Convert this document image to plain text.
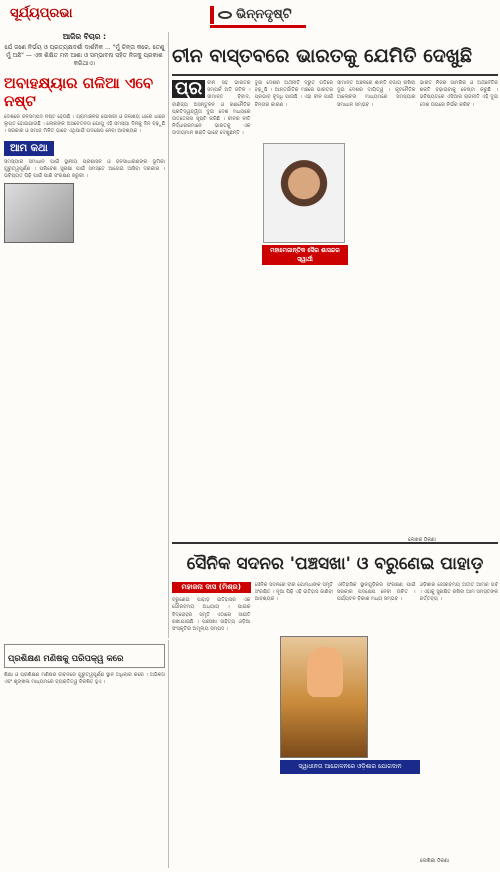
ସୂର୍ଯ୍ୟପ୍ରଭା	ଭିନ୍ନଦୃଷ୍ଟି
ଆଜିର ବିଚାର :
ଯେଁ ଜଣେ ନିର୍ଭୟ ଓ ପ୍ରତ୍ୟକ୍ଷଦର୍ଶୀ ଦାର୍ଶନିକ ... "ମୁଁ ଚିନ୍ତା କରେ, ତେଣୁ ମୁଁ ଅଛି" — ଏକ ଶିକ୍ଷିତ ମନ ଆଶା ଓ ସମ୍ଭାବନା ସହିତ ନିଜକୁ ପ୍ରକାଶ କରିଥାଏ।
ଅବାହକ୍ଷ୍ୟାର ଗଳିଆ ଏବେ ନଷ୍ଟ
ଦେଶରେ ଜଳସମ୍ପଦ ନଷ୍ଟ ହେଉଛି । ଗ୍ରାମାଞ୍ଚଳର ପୋଖରୀ ଓ ଜଳାଶୟ ଧୀରେ ଧୀରେ ଲୁପ୍ତ ହୋଇଯାଉଛି । ଲୋକଙ୍କ ଅସଚେତନତା ଯୋଗୁ ଏହି ସମସ୍ୟା ଦିନକୁ ଦିନ ବଢ଼ୁଛି । ସରକାର ଓ ସମାଜ ମିଳିତ ଭାବେ ଏଥିପାଇଁ ପଦକ୍ଷେପ ନେବା ଆବଶ୍ୟକ ।
ଆମ କଥା
ସମସ୍ୟାର ସମାଧାନ ପାଇଁ ସ୍ଥାନୀୟ ପ୍ରଶାସନ ଓ ଜନସାଧାରଣଙ୍କ ଭୂମିକା ଗୁରୁତ୍ୱପୂର୍ଣ୍ଣ । ପରିବେଶ ସୁରକ୍ଷା ପାଇଁ ସମସ୍ତେ ଆଗେଇ ଆସିବା ଦରକାର । ଭବିଷ୍ୟତ ପିଢ଼ି ପାଇଁ ପାଣି ସଂରକ୍ଷଣ ଜରୁରୀ ।
ପ୍ରଶିକ୍ଷଣ ମଣିଷକୁ ପରିପକ୍ୱ କରେ
ଶିକ୍ଷା ଓ ପ୍ରଶିକ୍ଷଣ ମଣିଷର ଜୀବନରେ ଗୁରୁତ୍ୱପୂର୍ଣ୍ଣ ସ୍ଥାନ ଅଧିକାର କରେ । ଅଭିଜ୍ଞତା ଏବଂ ଶୃଙ୍ଖଳା ମାଧ୍ୟମରେ ବ୍ୟକ୍ତିତ୍ୱ ବିକଶିତ ହୁଏ ।
ଚୀନ ବାସ୍ତବରେ ଭାରତକୁ ଯେମିତି ଦେଖୁଛି
ପ୍ର	ଚୀନ ସହ ଭାରତର ସମ୍ପର୍କ ଅତି ଜଟିଳ । ସୀମାନ୍ତ ବିବାଦ, ବାଣିଜ୍ୟ ଅସନ୍ତୁଳନ ଓ ରଣନୈତିକ ପ୍ରତିଦ୍ୱନ୍ଦ୍ୱିତା ଦୁଇ ଦେଶ ମଧ୍ୟରେ ଉତ୍ତେଜନା ସୃଷ୍ଟି କରିଛି । ଚୀନର ନୀତି ନିର୍ଦ୍ଧାରକମାନେ ଭାରତକୁ ଏକ ଉଦୀୟମାନ ଶକ୍ତି ଭାବେ ଦେଖୁଛନ୍ତି ।
ଦୁଇ ଦେଶର ଅର୍ଥନୀତି ଦ୍ରୁତ ଗତିରେ ବଢ଼ୁଛି । ଆନ୍ତର୍ଜାତିକ ମଞ୍ଚରେ ଭାରତର ପ୍ରଭାବ ବୃଦ୍ଧି ପାଉଛି । ଏହା ଚୀନ ପାଇଁ ଚିନ୍ତାର କାରଣ ।
ସୀମାନ୍ତ ଅଞ୍ଚଳରେ ଶାନ୍ତି ବଜାୟ ରଖିବା ଦୁଇ ଦେଶର ଦାୟିତ୍ୱ । କୂଟନୈତିକ ଆଲୋଚନା ମାଧ୍ୟମରେ ସମସ୍ୟାର ସମାଧାନ ସମ୍ଭବ ।
ଭାରତ ନିଜର ସାମରିକ ଓ ଅର୍ଥନୈତିକ ଶକ୍ତି ବଢ଼ାଇବାକୁ ଚେଷ୍ଟା କରୁଛି । ଭବିଷ୍ୟତରେ ଏସିଆର ରାଜନୀତି ଏହି ଦୁଇ ଦେଶ ଉପରେ ନିର୍ଭର କରିବ ।
ମହାମେଜାନ୍ତିକ ସୈର ଶାସନ୍ଦର ସ୍ୱାର୍ଥୀ
ଲେଖକ ଠିକଣା
ସୈନିକ ସଦନର 'ପଞ୍ଚସଖା' ଓ ବରୁଣେଇ ପାହାଡ଼
ମହାଜନା ଦାସ (ମିଶ୍ର)
ବରୁଣେଇ ପାହାଡ଼ ଇତିହାସର ଏକ ଗୌରବମୟ ଅଧ୍ୟାୟ । ପାଇକ ବିଦ୍ରୋହର ସ୍ମୃତି ଏଠାରେ ସାଇତି ରଖାଯାଇଛି । ପଞ୍ଚସଖା ସାହିତ୍ୟ ଓଡ଼ିଆ ସଂସ୍କୃତିର ଅମୂଲ୍ୟ ସମ୍ପଦ ।
ସୈନିକ ସଦନରେ ବୀର ଯୋଦ୍ଧାଙ୍କ ସ୍ମୃତି ସଂରକ୍ଷିତ । ନୂଆ ପିଢ଼ି ଏହି ଇତିହାସ ଜାଣିବା ଆବଶ୍ୟକ ।
ଐତିହାସିକ ସ୍ଥାନଗୁଡ଼ିକର ସଂରକ୍ଷଣ ପାଇଁ ସରକାର ପଦକ୍ଷେପ ନେବା ଉଚିତ । ପର୍ଯ୍ୟଟନ ବିକାଶ ମଧ୍ୟ ସମ୍ଭବ ।
ଓଡ଼ିଶାର ଗୌରବମୟ ଅତୀତ ଆମର ଗର୍ବ । ଏହାକୁ ସୁରକ୍ଷିତ ରଖିବା ଆମ ସମସ୍ତଙ୍କ କର୍ତ୍ତବ୍ୟ ।
ସ୍ୱାଧୀନତା ଆନ୍ଦୋଳନରେ ଓଡ଼ିଶାର ଯୋଗଦାନ
ଲେଖିକା ଠିକଣା
